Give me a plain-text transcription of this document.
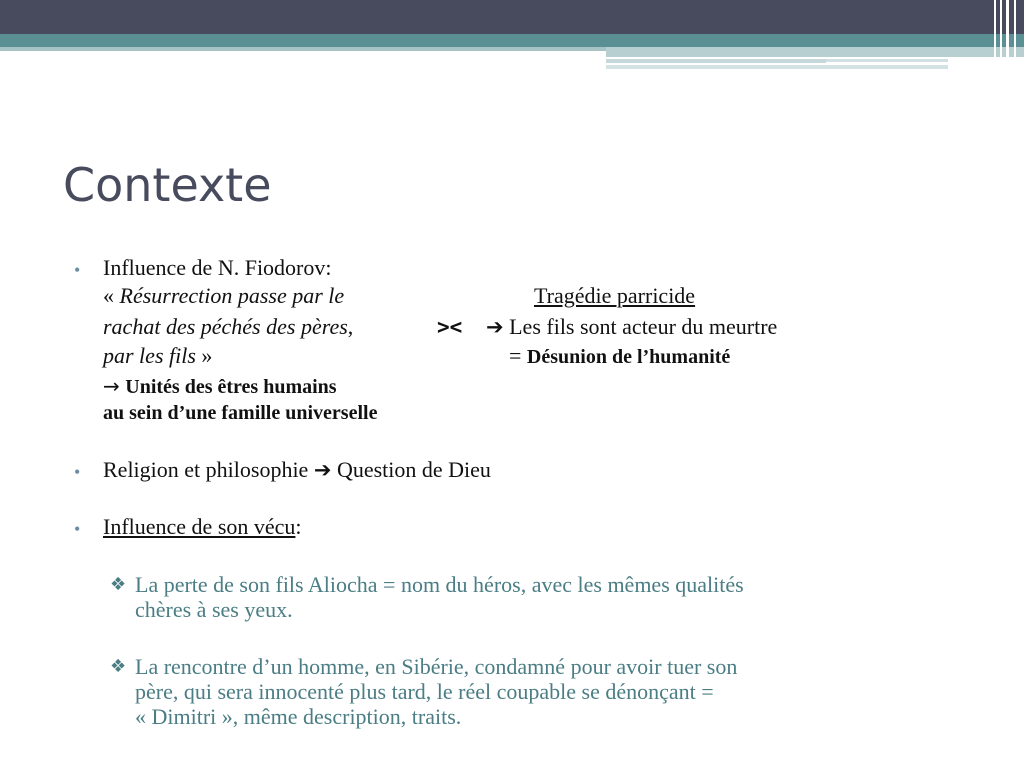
Contexte
• Influence de N. Fiodorov:
« Résurrection passe par le
rachat des péchés des pères,
par les fils »
><
Tragédie parricide
➔ Les fils sont acteur du meurtre
= Désunion de l’humanité
→ Unités des êtres humains
au sein d’une famille universelle
• Religion et philosophie ➔ Question de Dieu
• Influence de son vécu:
❖ La perte de son fils Aliocha = nom du héros, avec les mêmes qualités
chères à ses yeux.
❖ La rencontre d’un homme, en Sibérie, condamné pour avoir tuer son
père, qui sera innocenté plus tard, le réel coupable se dénonçant =
« Dimitri », même description, traits.
